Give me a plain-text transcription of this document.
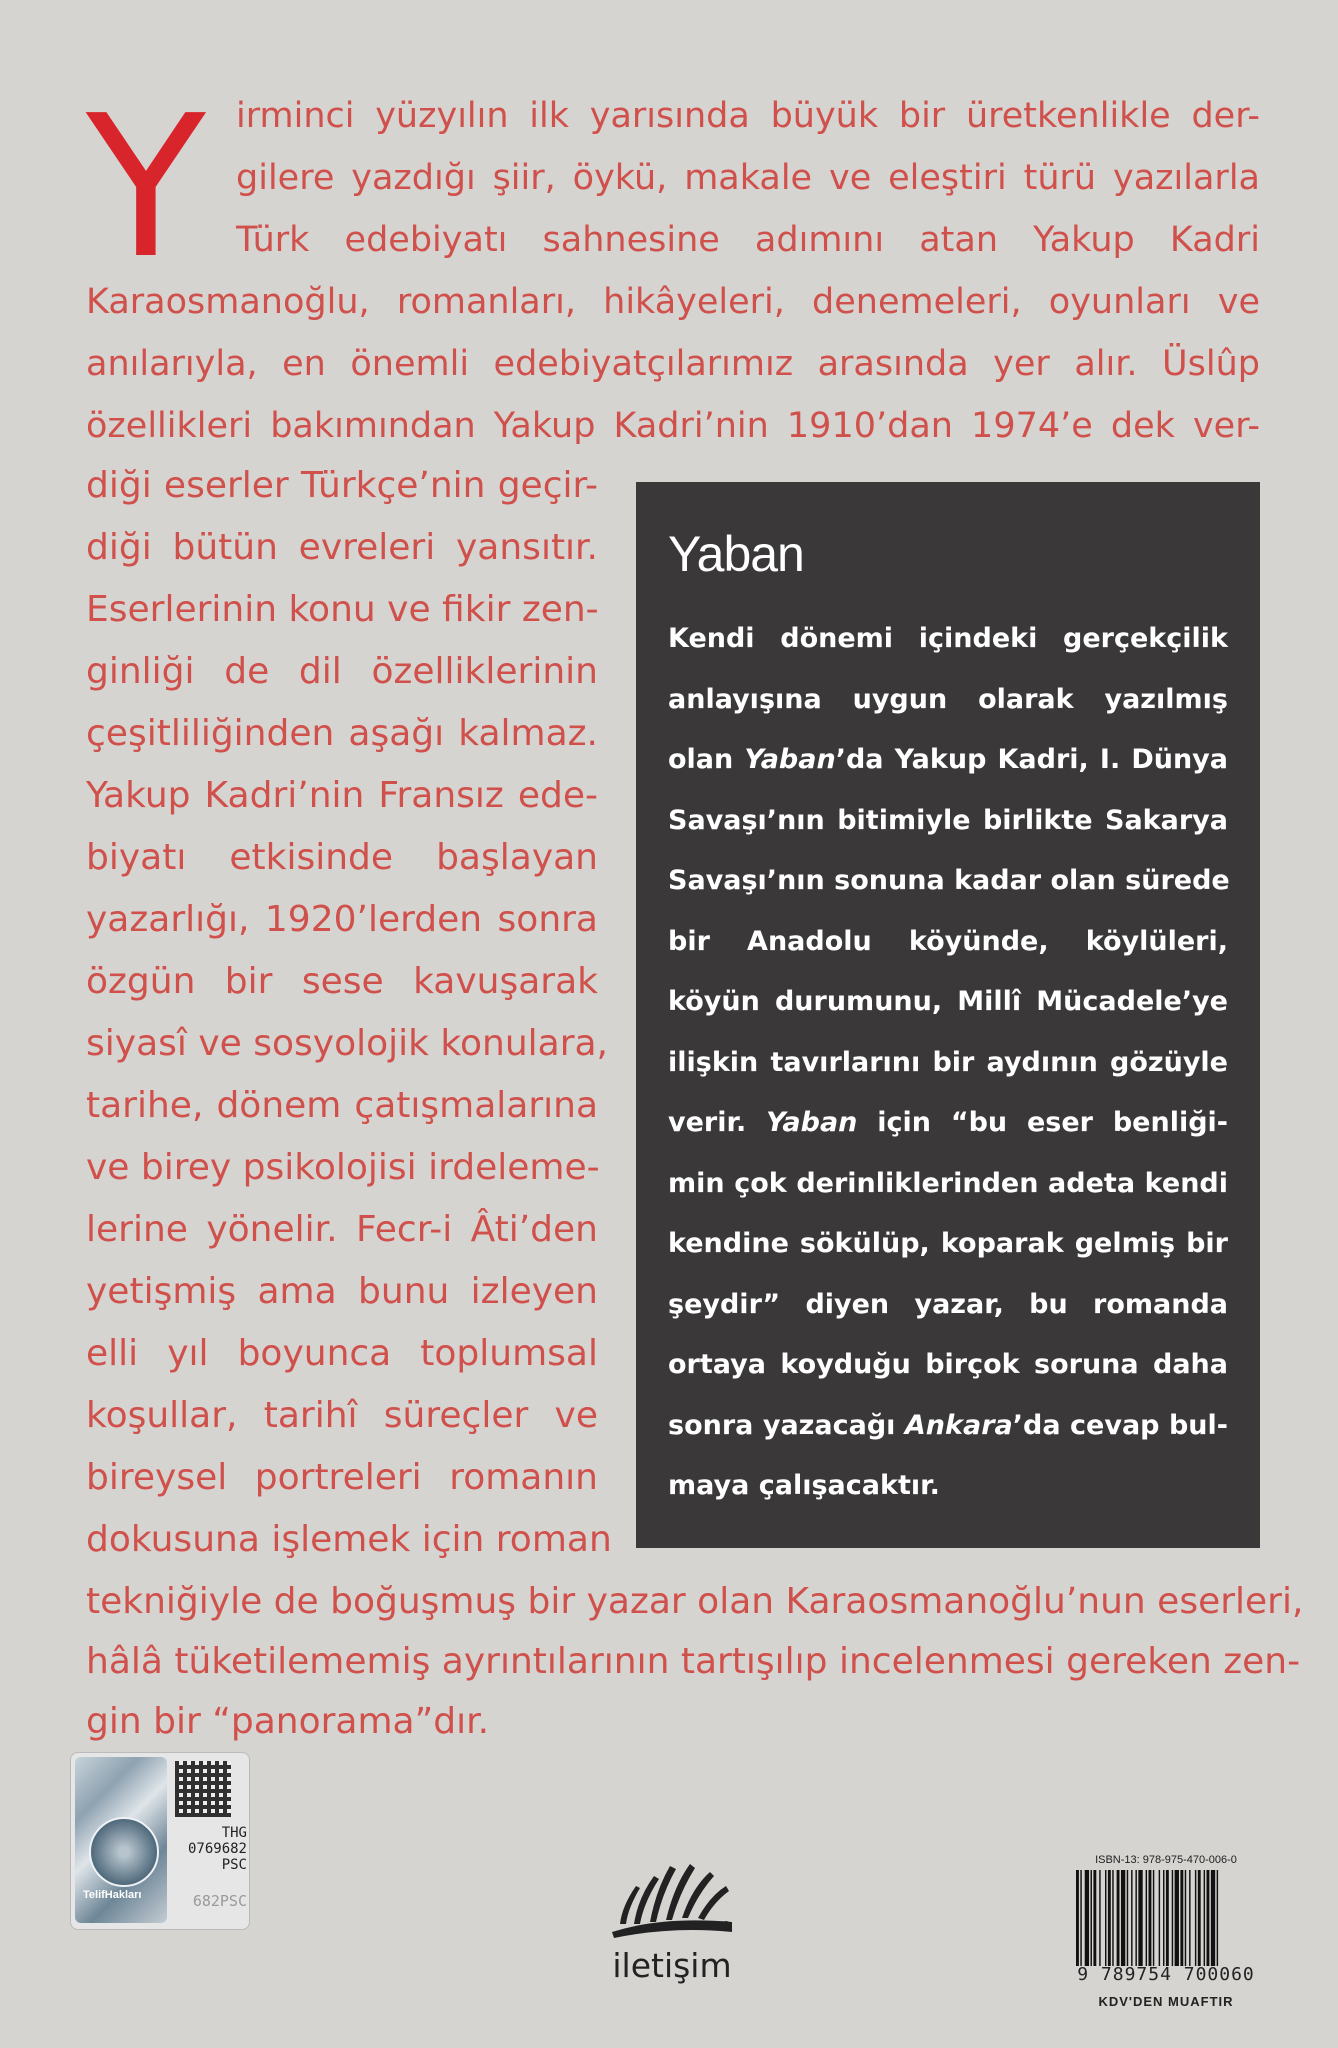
Y irminci yüzyılın ilk yarısında büyük bir üretkenlikle der-
gilere yazdığı şiir, öykü, makale ve eleştiri türü yazılarla
Türk edebiyatı sahnesine adımını atan Yakup Kadri
Karaosmanoğlu, romanları, hikâyeleri, denemeleri, oyunları ve
anılarıyla, en önemli edebiyatçılarımız arasında yer alır. Üslûp
özellikleri bakımından Yakup Kadri’nin 1910’dan 1974’e dek ver-
diği eserler Türkçe’nin geçir-
diği bütün evreleri yansıtır.
Eserlerinin konu ve fikir zen-
ginliği de dil özelliklerinin
çeşitliliğinden aşağı kalmaz.
Yakup Kadri’nin Fransız ede-
biyatı etkisinde başlayan
yazarlığı, 1920’lerden sonra
özgün bir sese kavuşarak
siyasî ve sosyolojik konulara,
tarihe, dönem çatışmalarına
ve birey psikolojisi irdeleme-
lerine yönelir. Fecr-i Âti’den
yetişmiş ama bunu izleyen
elli yıl boyunca toplumsal
koşullar, tarihî süreçler ve
bireysel portreleri romanın
dokusuna işlemek için roman
tekniğiyle de boğuşmuş bir yazar olan Karaosmanoğlu’nun eserleri,
hâlâ tüketilememiş ayrıntılarının tartışılıp incelenmesi gereken zen-
gin bir “panorama”dır.
Yaban
Kendi dönemi içindeki gerçekçilik
anlayışına uygun olarak yazılmış
olan Yaban’da Yakup Kadri, I. Dünya
Savaşı’nın bitimiyle birlikte Sakarya
Savaşı’nın sonuna kadar olan sürede
bir Anadolu köyünde, köylüleri,
köyün durumunu, Millî Mücadele’ye
ilişkin tavırlarını bir aydının gözüyle
verir. Yaban için “bu eser benliği-
min çok derinliklerinden adeta kendi
kendine sökülüp, koparak gelmiş bir
şeydir” diyen yazar, bu romanda
ortaya koyduğu birçok soruna daha
sonra yazacağı Ankara’da cevap bul-
maya çalışacaktır.
TelifHakları
THG
0769682
PSC
682PSC
iletişim
ISBN-13: 978-975-470-006-0
9 789754 700060
KDV'DEN MUAFTIR
